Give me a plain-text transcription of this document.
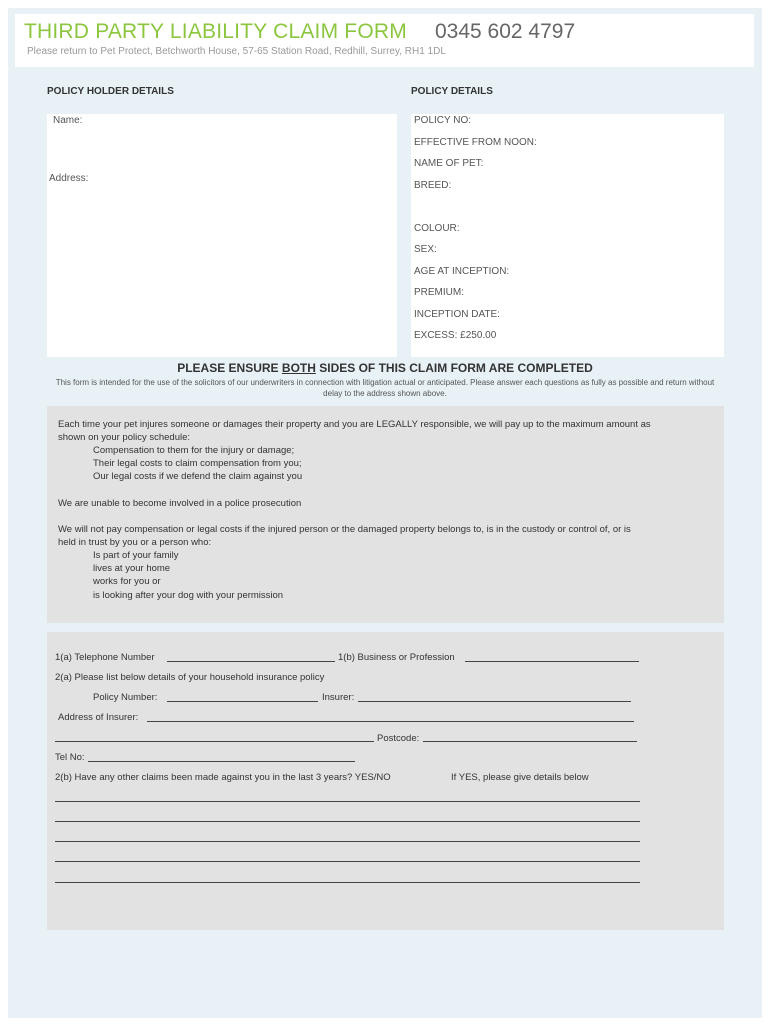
THIRD PARTY LIABILITY CLAIM FORM 0345 602 4797
Please return to Pet Protect, Betchworth House, 57-65 Station Road, Redhill, Surrey, RH1 1DL
POLICY HOLDER DETAILS	POLICY DETAILS
Name:
Address:
POLICY NO:
EFFECTIVE FROM NOON:
NAME OF PET:
BREED:
COLOUR:
SEX:
AGE AT INCEPTION:
PREMIUM:
INCEPTION DATE:
EXCESS: £250.00
PLEASE ENSURE BOTH SIDES OF THIS CLAIM FORM ARE COMPLETED
This form is intended for the use of the solicitors of our underwriters in connection with litigation actual or anticipated. Please answer each questions as fully as possible and return without delay to the address shown above.
Each time your pet injures someone or damages their property and you are LEGALLY responsible, we will pay up to the maximum amount as
shown on your policy schedule:
Compensation to them for the injury or damage;
Their legal costs to claim compensation from you;
Our legal costs if we defend the claim against you
We are unable to become involved in a police prosecution
We will not pay compensation or legal costs if the injured person or the damaged property belongs to, is in the custody or control of, or is
held in trust by you or a person who:
Is part of your family
lives at your home
works for you or
is looking after your dog with your permission
1(a) Telephone Number	1(b) Business or Profession
2(a) Please list below details of your household insurance policy
Policy Number:	Insurer:
Address of Insurer:
Postcode:
Tel No:
2(b) Have any other claims been made against you in the last 3 years? YES/NO	If YES, please give details below
